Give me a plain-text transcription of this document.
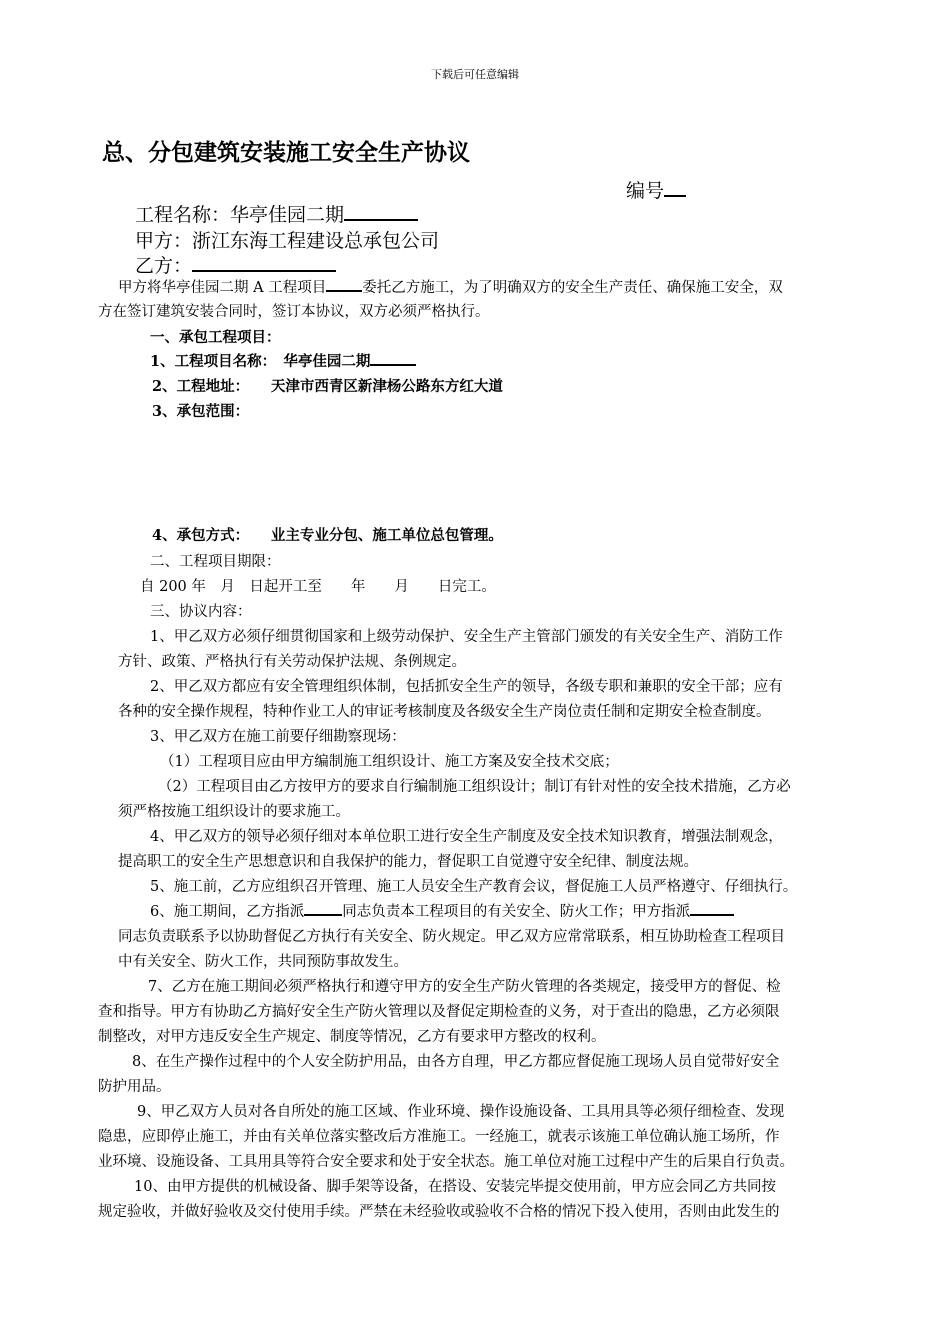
下载后可任意编辑
总、分包建筑安装施工安全生产协议
编号
工程名称：华亭佳园二期
甲方：浙江东海工程建设总承包公司
乙方：
甲方将华亭佳园二期 A 工程项目 委托乙方施工，为了明确双方的安全生产责任、确保施工安全，双
方在签订建筑安装合同时，签订本协议，双方必须严格执行。
一、承包工程项目：
1、工程项目名称：　华亭佳园二期
2、工程地址：　　天津市西青区新津杨公路东方红大道
3、承包范围：
4、承包方式：　　业主专业分包、施工单位总包管理。
二、工程项目期限：
自 200 年　月　日起开工至　　年　　月　　日完工。
三、协议内容：
1、甲乙双方必须仔细贯彻国家和上级劳动保护、安全生产主管部门颁发的有关安全生产、消防工作
方针、政策、严格执行有关劳动保护法规、条例规定。
2、甲乙双方都应有安全管理组织体制，包括抓安全生产的领导，各级专职和兼职的安全干部；应有
各种的安全操作规程，特种作业工人的审证考核制度及各级安全生产岗位责任制和定期安全检查制度。
3、甲乙双方在施工前要仔细勘察现场：
（1）工程项目应由甲方编制施工组织设计、施工方案及安全技术交底；
（2）工程项目由乙方按甲方的要求自行编制施工组织设计；制订有针对性的安全技术措施，乙方必
须严格按施工组织设计的要求施工。
4、甲乙双方的领导必须仔细对本单位职工进行安全生产制度及安全技术知识教育，增强法制观念，
提高职工的安全生产思想意识和自我保护的能力，督促职工自觉遵守安全纪律、制度法规。
5、施工前，乙方应组织召开管理、施工人员安全生产教育会议，督促施工人员严格遵守、仔细执行。
6、施工期间，乙方指派	同志负责本工程项目的有关安全、防火工作；甲方指派
同志负责联系予以协助督促乙方执行有关安全、防火规定。甲乙双方应常常联系，相互协助检查工程项目
中有关安全、防火工作，共同预防事故发生。
7、乙方在施工期间必须严格执行和遵守甲方的安全生产防火管理的各类规定，接受甲方的督促、检
查和指导。甲方有协助乙方搞好安全生产防火管理以及督促定期检查的义务，对于查出的隐患，乙方必须限
制整改，对甲方违反安全生产规定、制度等情况，乙方有要求甲方整改的权利。
8、在生产操作过程中的个人安全防护用品，由各方自理，甲乙方都应督促施工现场人员自觉带好安全
防护用品。
9、甲乙双方人员对各自所处的施工区域、作业环境、操作设施设备、工具用具等必须仔细检查、发现
隐患，应即停止施工，并由有关单位落实整改后方准施工。一经施工，就表示该施工单位确认施工场所，作
业环境、设施设备、工具用具等符合安全要求和处于安全状态。施工单位对施工过程中产生的后果自行负责。
10、由甲方提供的机械设备、脚手架等设备，在搭设、安装完毕提交使用前，甲方应会同乙方共同按
规定验收，并做好验收及交付使用手续。严禁在未经验收或验收不合格的情况下投入使用，否则由此发生的
